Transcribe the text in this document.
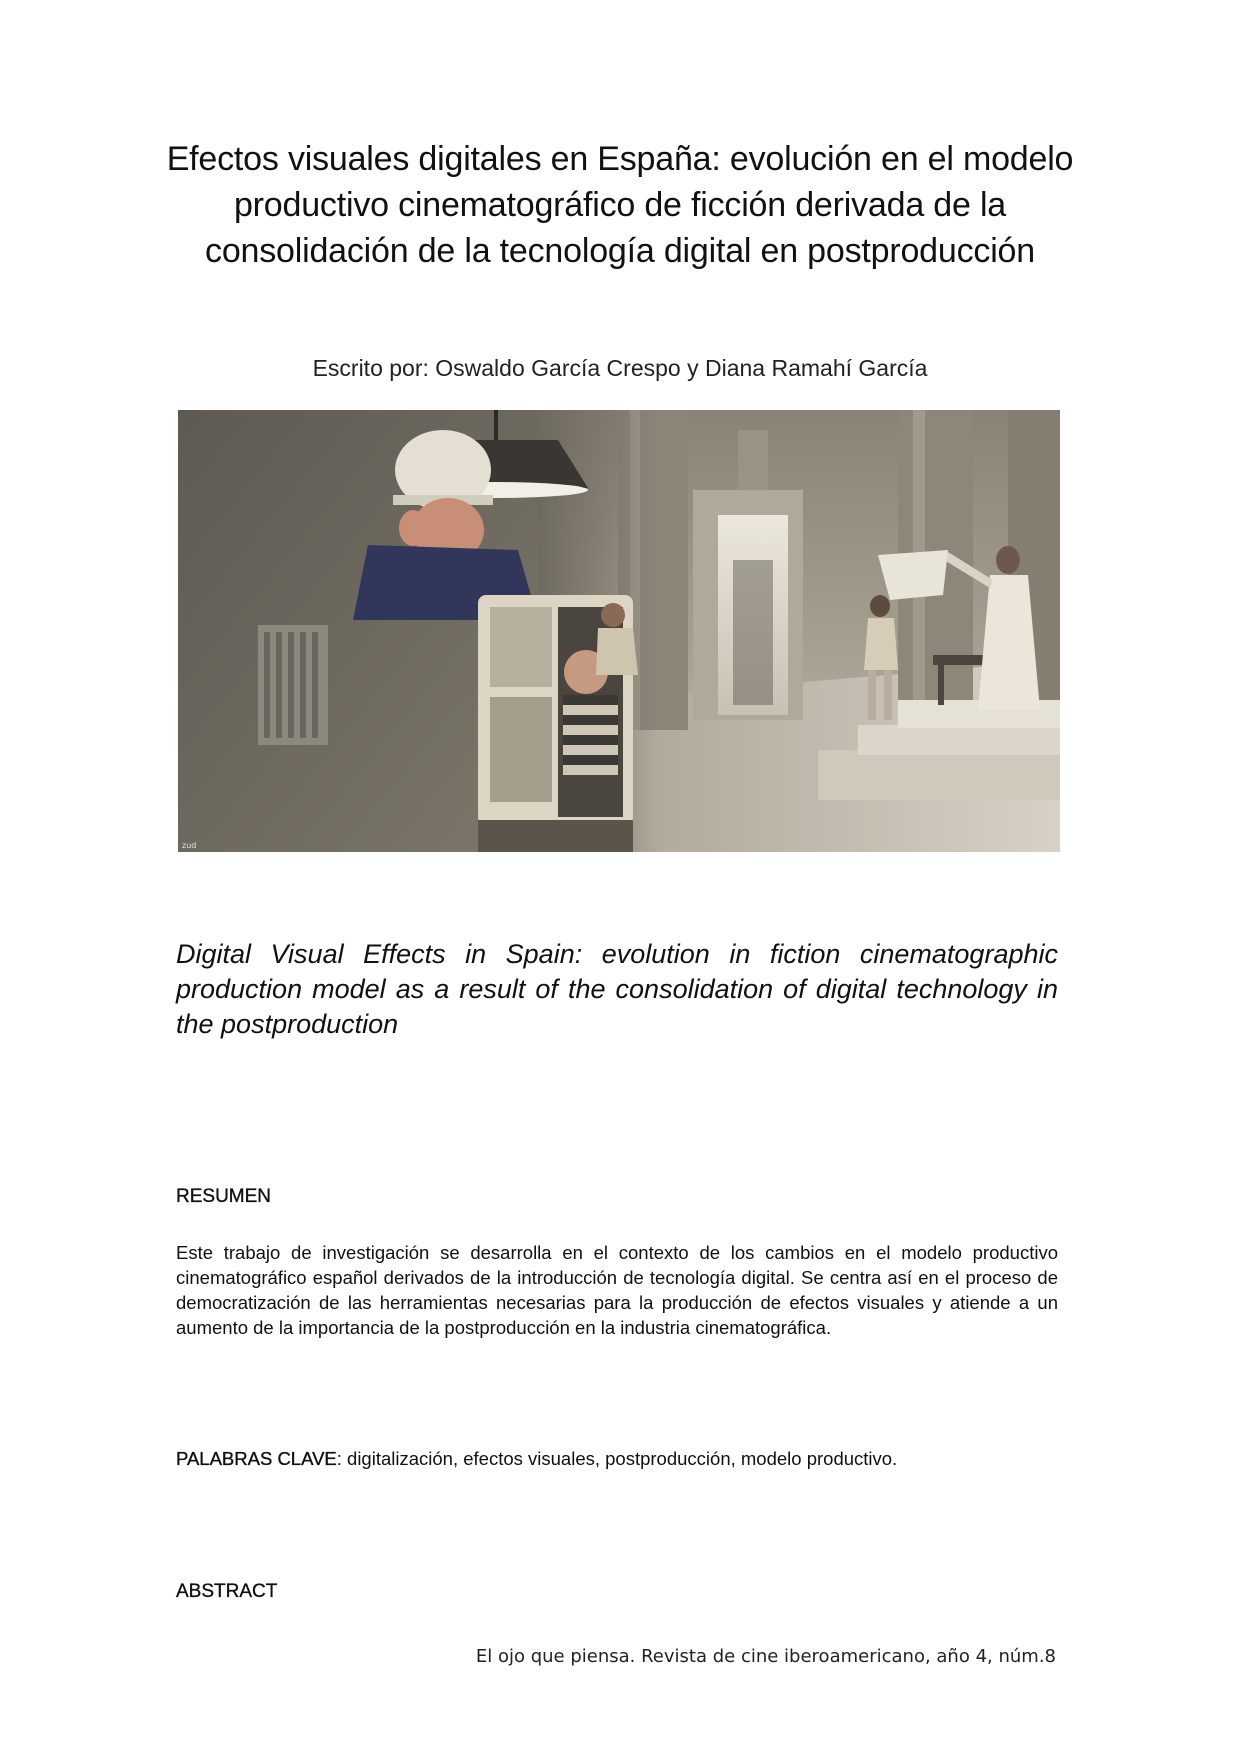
Efectos visuales digitales en España: evolución en el modelo productivo cinematográfico de ficción derivada de la consolidación de la tecnología digital en postproducción

Escrito por: Oswaldo García Crespo y Diana Ramahí García

zud
Digital Visual Effects in Spain: evolution in fiction cinematographic production model as a result of the consolidation of digital technology in the postproduction
RESUMEN

Este trabajo de investigación se desarrolla en el contexto de los cambios en el modelo productivo cinematográfico español derivados de la introducción de tecnología digital. Se centra así en el proceso de democratización de las herramientas necesarias para la producción de efectos visuales y atiende a un aumento de la importancia de la postproducción en la industria cinematográfica.

PALABRAS CLAVE: digitalización, efectos visuales, postproducción, modelo productivo.

ABSTRACT

El ojo que piensa. Revista de cine iberoamericano, año 4, núm.8
